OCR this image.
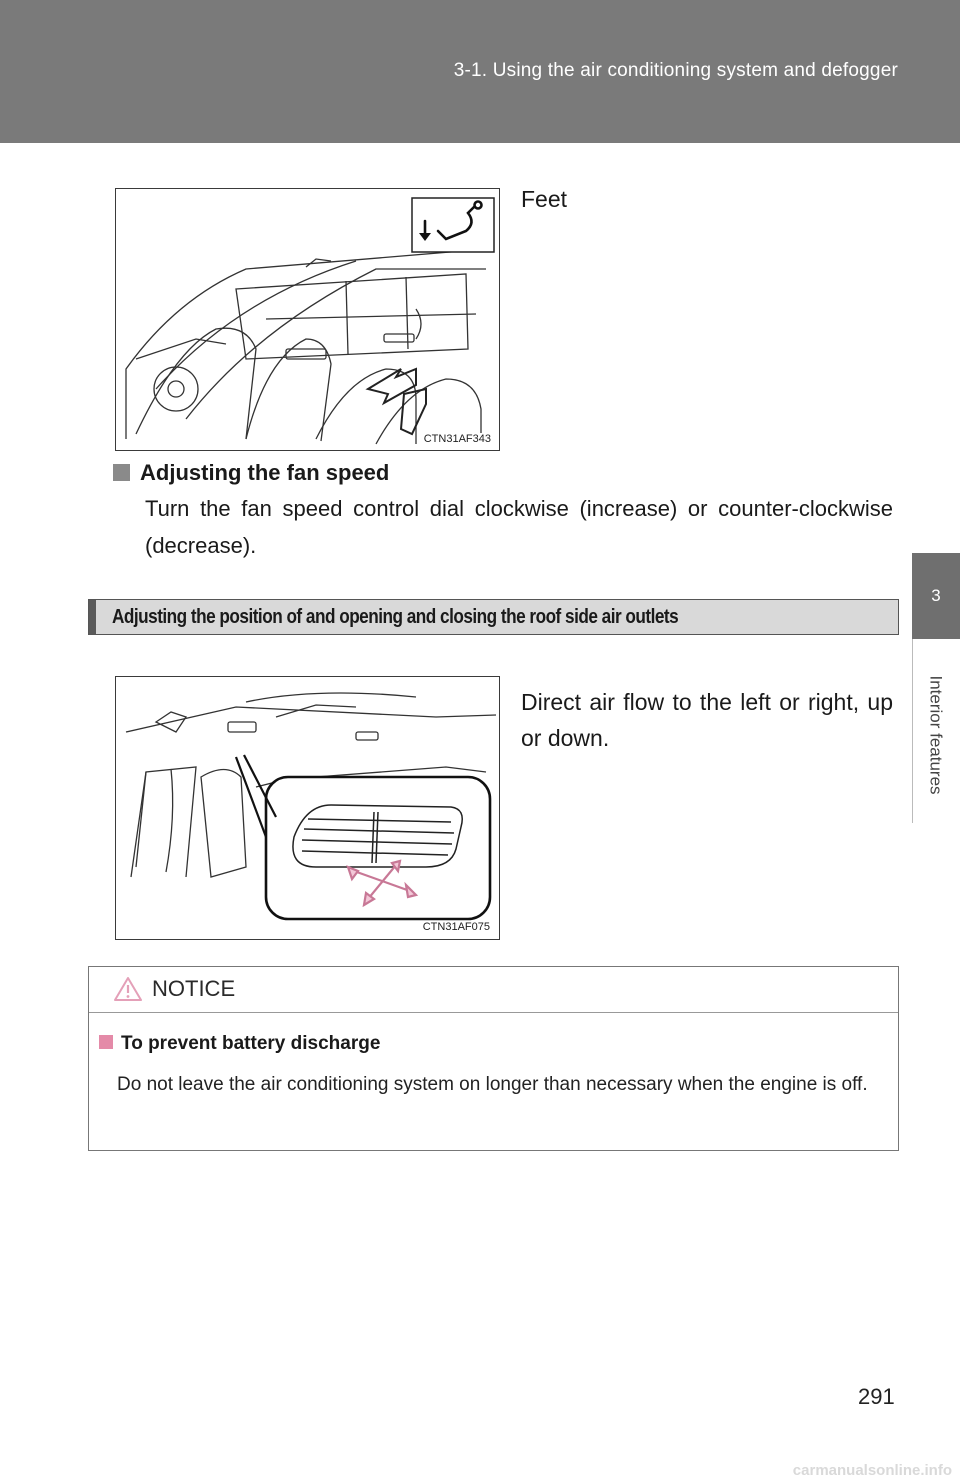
3-1. Using the air conditioning system and defogger
3
Interior features
CTN31AF343
Feet
Adjusting the fan speed
Turn the fan speed control dial clockwise (increase) or counter-clockwise (decrease).
Adjusting the position of and opening and closing the roof side air outlets
CTN31AF075
Direct air flow to the left or right, up or down.
NOTICE
To prevent battery discharge
Do not leave the air conditioning system on longer than necessary when the engine is off.
291
carmanualsonline.info
